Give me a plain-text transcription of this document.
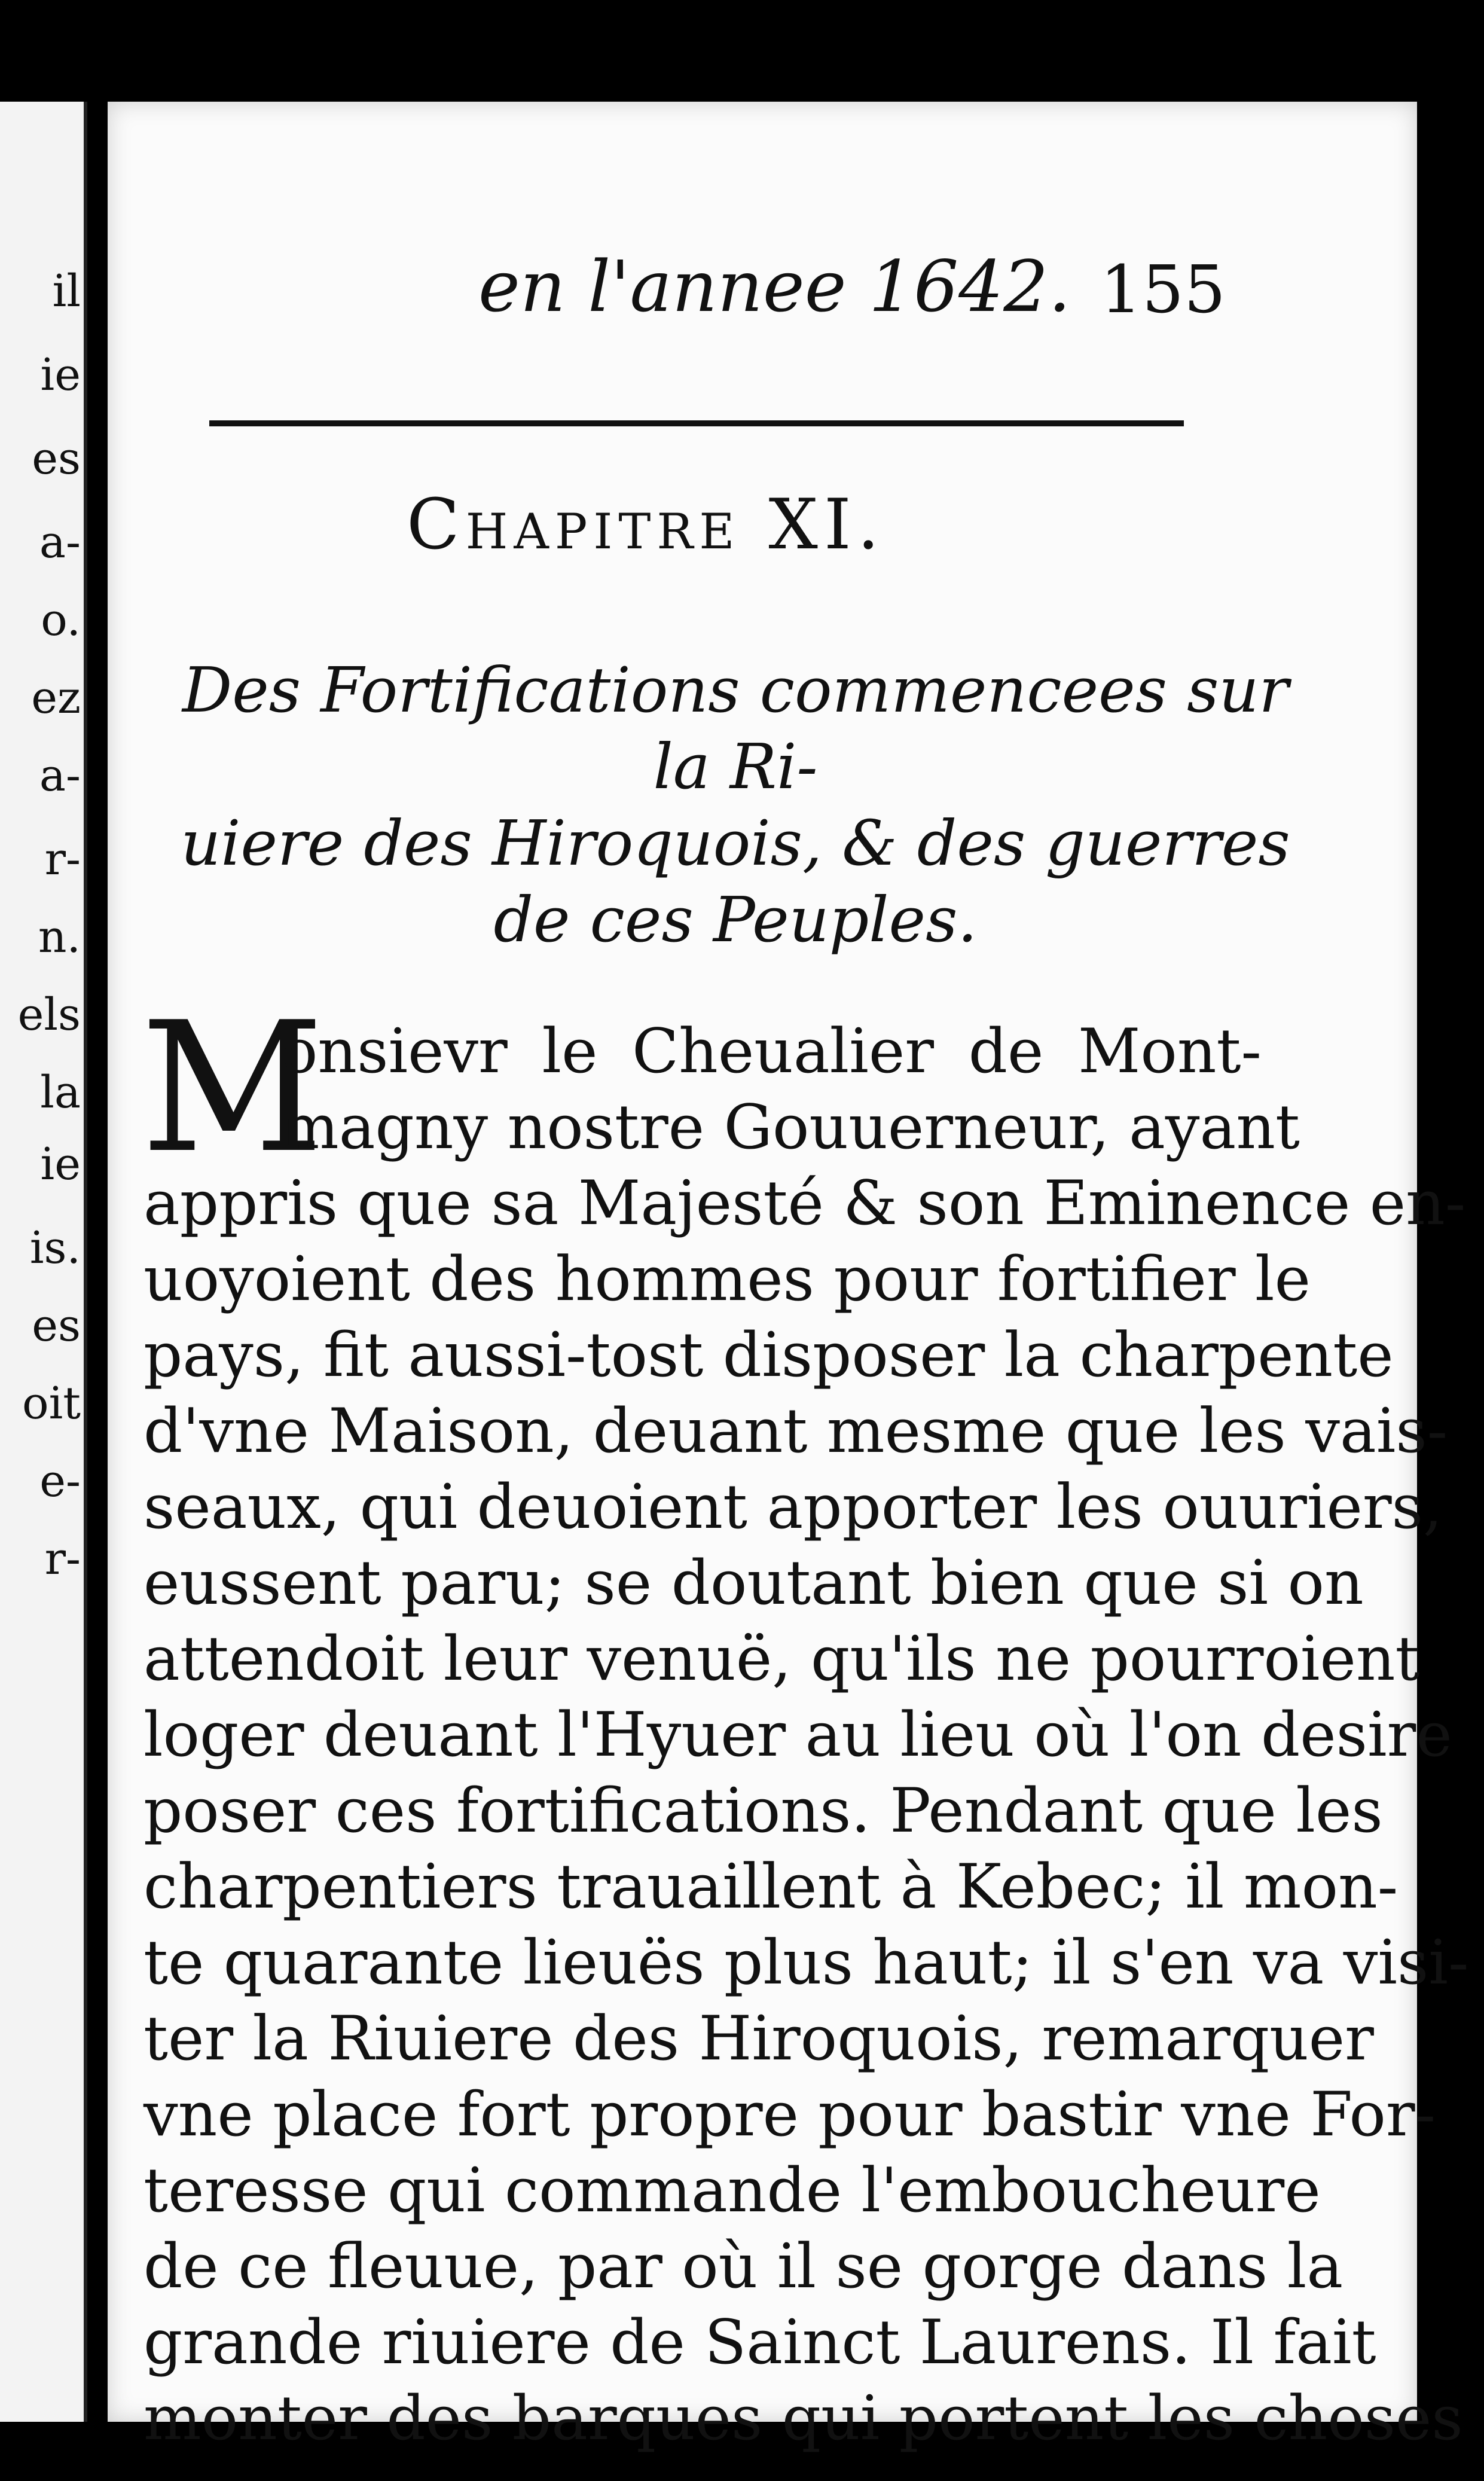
il
ie
es
a-
o.
ez
a-
r-
n.
els
la
ie
is.
es
oit
e-
r-
en l'annee 1642. 155
Chapitre XI.
Des Fortifications commencees sur la Ri-
uiere des Hiroquois, & des guerres
de ces Peuples.
M
onsievr le Cheualier de Mont-
magny nostre Gouuerneur, ayant
appris que sa Majesté & son Eminence en-
uoyoient des hommes pour fortifier le
pays, fit aussi-tost disposer la charpente
d'vne Maison, deuant mesme que les vais-
seaux, qui deuoient apporter les ouuriers,
eussent paru; se doutant bien que si on
attendoit leur venuë, qu'ils ne pourroient
loger deuant l'Hyuer au lieu où l'on desire
poser ces fortifications. Pendant que les
charpentiers trauaillent à Kebec; il mon-
te quarante lieuës plus haut; il s'en va visi-
ter la Riuiere des Hiroquois, remarquer
vne place fort propre pour bastir vne For-
teresse qui commande l'emboucheure
de ce fleuue, par où il se gorge dans la
grande riuiere de Sainct Laurens. Il fait
monter des barques qui portent les choses
